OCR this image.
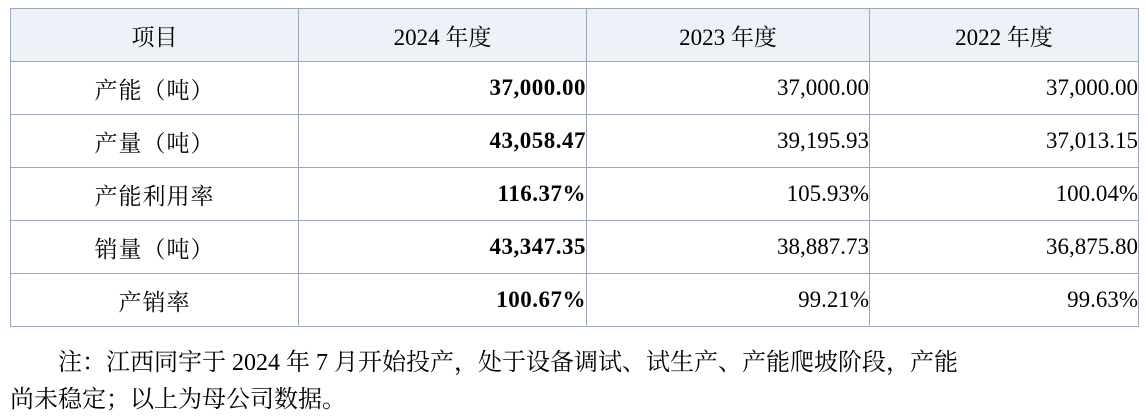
项目	2024 年度	2023 年度	2022 年度
产能（吨）	37,000.00	37,000.00	37,000.00
产量（吨）	43,058.47	39,195.93	37,013.15
产能利用率	116.37%	105.93%	100.04%
销量（吨）	43,347.35	38,887.73	36,875.80
产销率	100.67%	99.21%	99.63%
注：江西同宇于 2024 年 7 月开始投产，处于设备调试、试生产、产能爬坡阶段，产能
尚未稳定；以上为母公司数据。
